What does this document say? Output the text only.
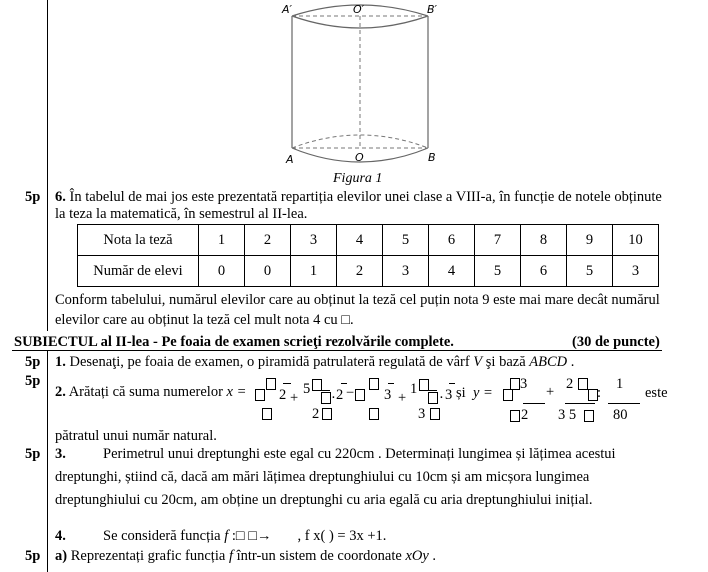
A′	O′	B′
A	O	B
Figura 1
5p 6. În tabelul de mai jos este prezentată repartiția elevilor unei clase a VIII-a, în funcție de notele obținute
la teza la matematică, în semestrul al II-lea.
Nota la teză	1	2	3	4	5	6	7	8	9	10
Număr de elevi	0	0	1	2	3	4	5	6	5	3
Conform tabelului, numărul elevilor care au obținut la teză cel puțin nota 9 este mai mare decât numărul
elevilor care au obținut la teză cel mult nota 4 cu □.
SUBIECTUL al II-lea - Pe foaia de examen scrieţi rezolvările complete.	(30 de puncte)
5p 1. Desenaţi, pe foaia de examen, o piramidă patrulateră regulată de vârf V şi bază ABCD .
5p
2. Arătați că suma numerelor x = 2 +
5
· 2
2
− 3 +
1
· 3
3
și y =
3
2
+ 2
:
3 5
1
80
este
pătratul unui număr natural.
5p 3.	Perimetrul unui dreptunghi este egal cu 220cm . Determinați lungimea și lățimea acestui
dreptunghi, știind că, dacă am mări lățimea dreptunghiului cu 10cm și am micșora lungimea
dreptunghiului cu 20cm, am obține un dreptunghi cu aria egală cu aria dreptunghiului inițial.
4.	Se consideră funcția f :□ □→ , f x( ) = 3x +1.
5p a) Reprezentați grafic funcția f într-un sistem de coordonate xOy .
